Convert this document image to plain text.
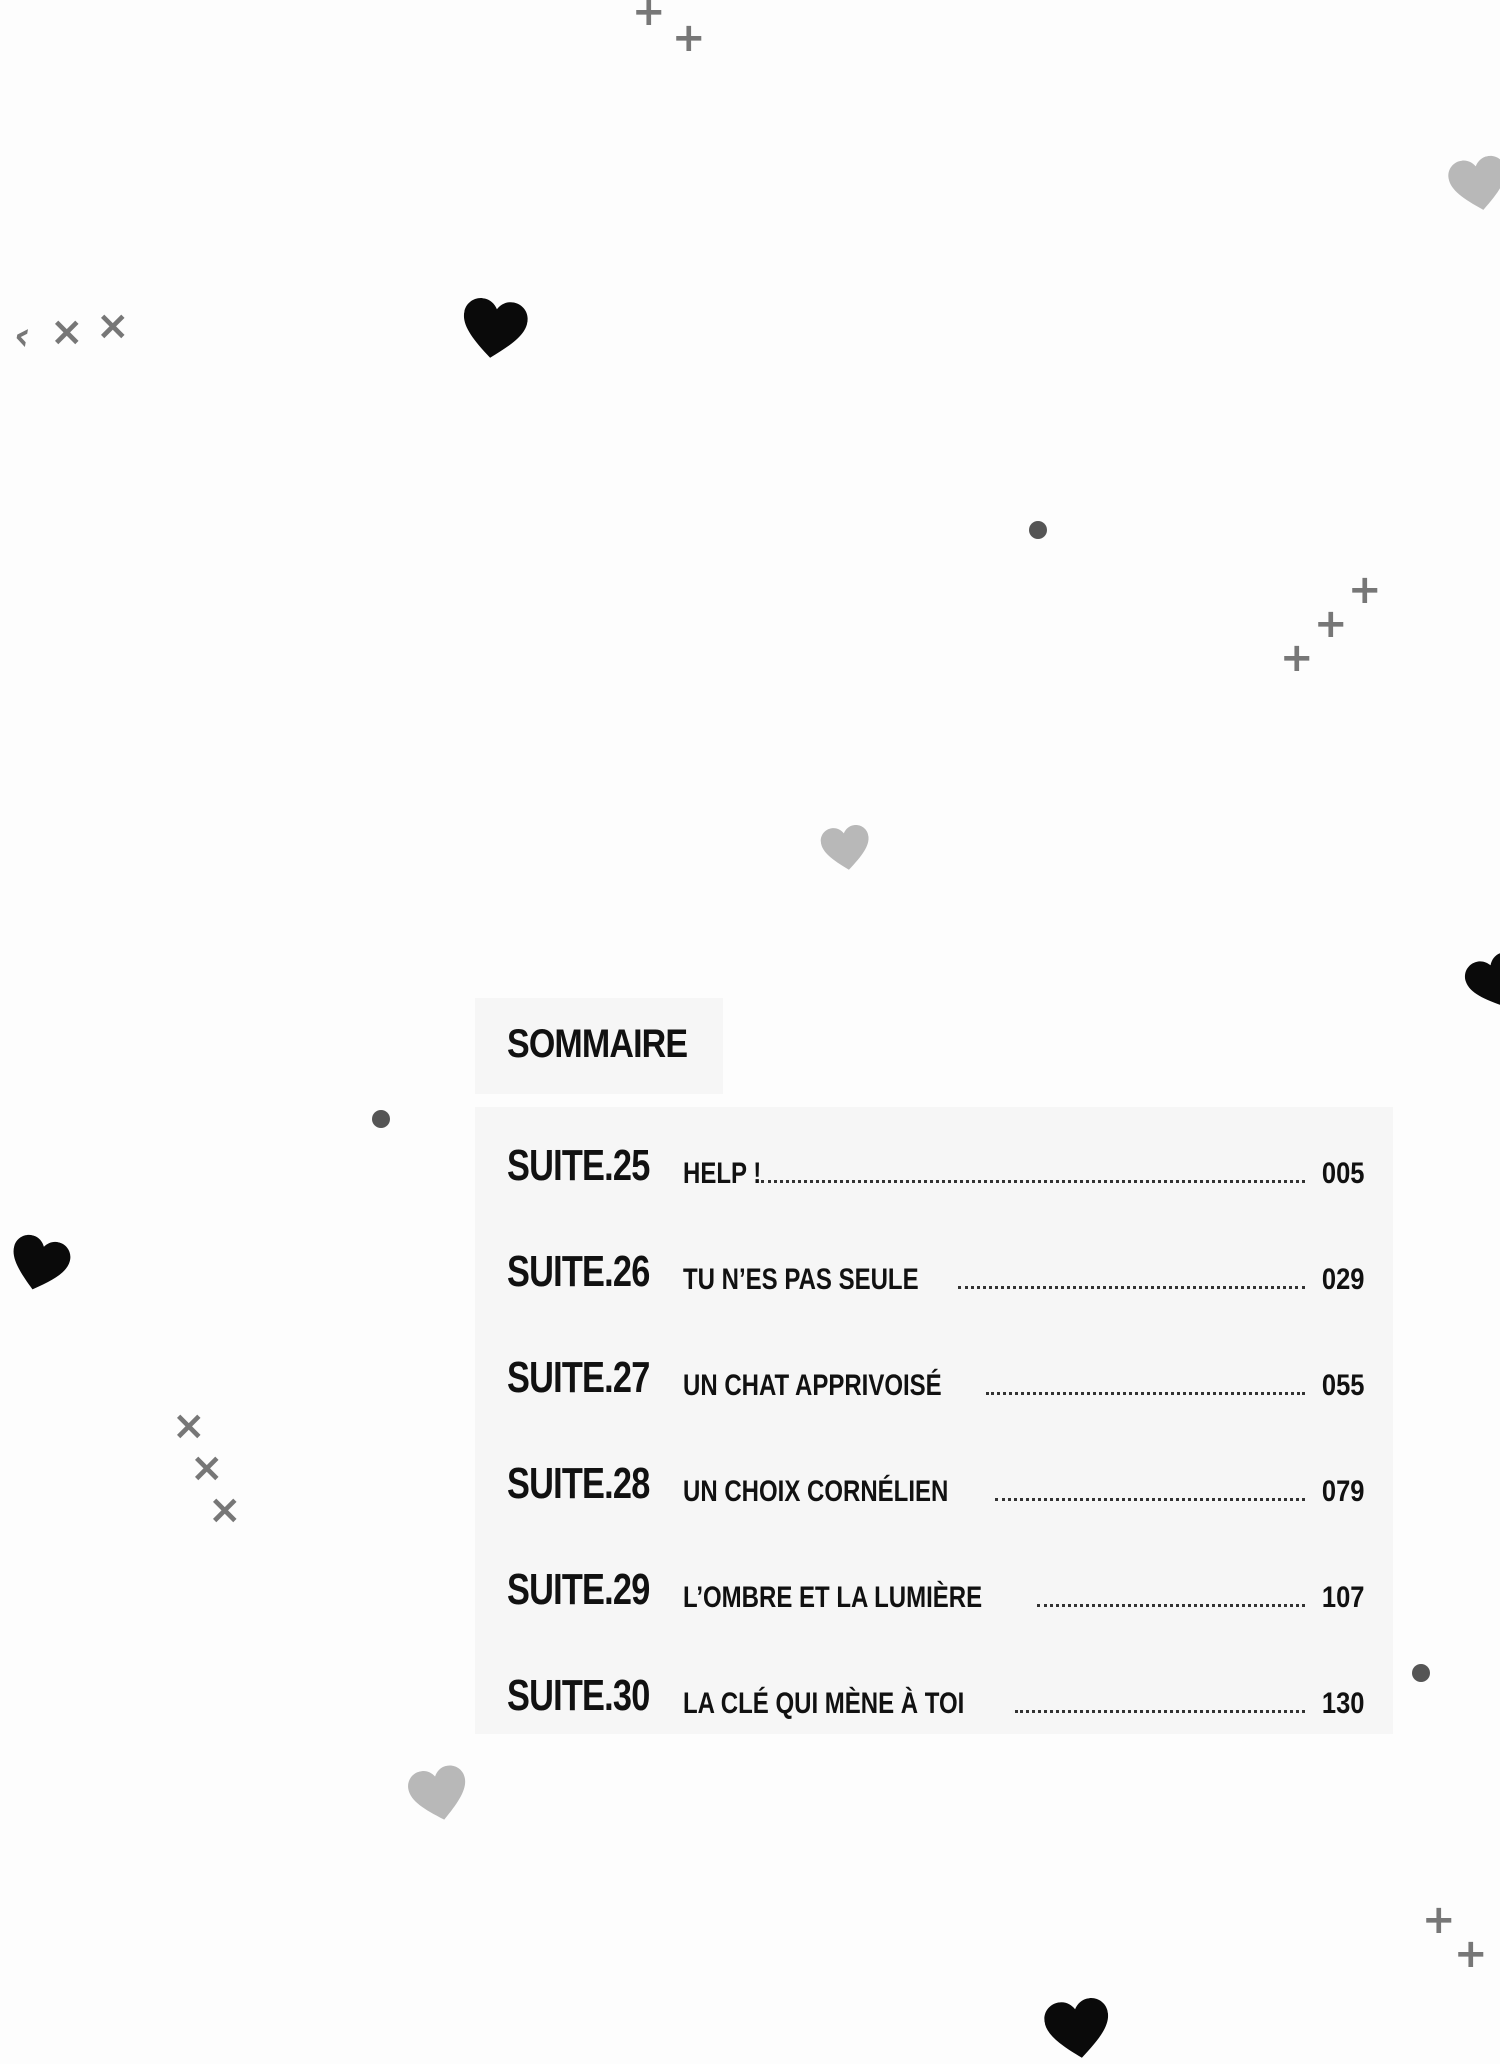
+
+
‹ × ×
+
+
+
×
×
×
+
+
SOMMAIRE
SUITE.25 HELP !	005
SUITE.26 TU N’ES PAS SEULE	029
SUITE.27 UN CHAT APPRIVOISÉ	055
SUITE.28 UN CHOIX CORNÉLIEN	079
SUITE.29 L’OMBRE ET LA LUMIÈRE	107
SUITE.30 LA CLÉ QUI MÈNE À TOI	130
